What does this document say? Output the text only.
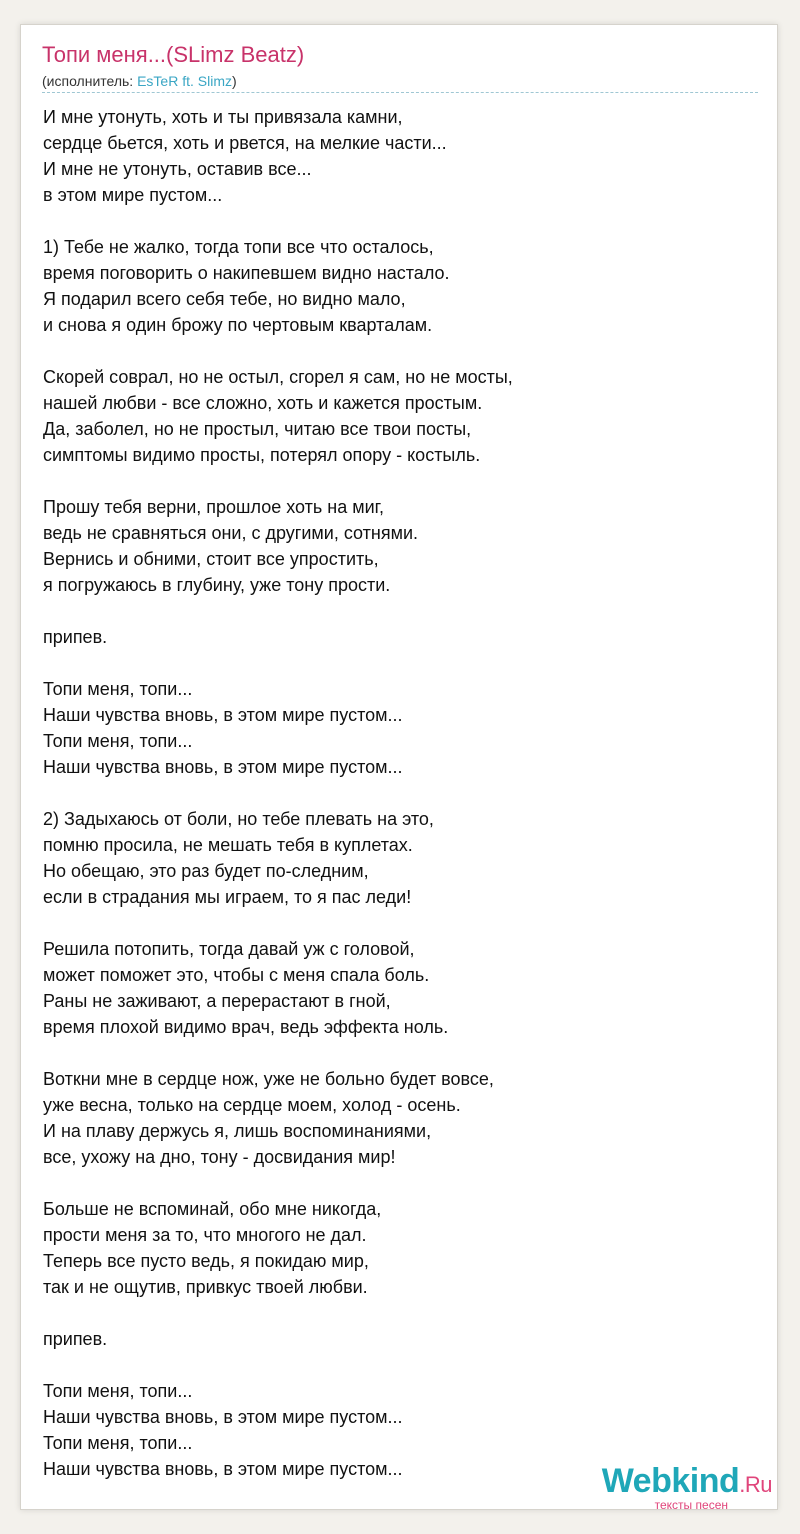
Топи меня...(SLimz Beatz)
(исполнитель: EsTeR ft. Slimz)
И мне утонуть, хоть и ты привязала камни,
сердце бьется, хоть и рвется, на мелкие части...
И мне не утонуть, оставив все...
в этом мире пустом...
1) Тебе не жалко, тогда топи все что осталось,
время поговорить о накипевшем видно настало.
Я подарил всего себя тебе, но видно мало,
и снова я один брожу по чертовым кварталам.
Скорей соврал, но не остыл, сгорел я сам, но не мосты,
нашей любви - все сложно, хоть и кажется простым.
Да, заболел, но не простыл, читаю все твои посты,
симптомы видимо просты, потерял опору - костыль.
Прошу тебя верни, прошлое хоть на миг,
ведь не сравняться они, с другими, сотнями.
Вернись и обними, стоит все упростить,
я погружаюсь в глубину, уже тону прости.
припев.
Топи меня, топи...
Наши чувства вновь, в этом мире пустом...
Топи меня, топи...
Наши чувства вновь, в этом мире пустом...
2) Задыхаюсь от боли, но тебе плевать на это,
помню просила, не мешать тебя в куплетах.
Но обещаю, это раз будет по-следним,
если в страдания мы играем, то я пас леди!
Решила потопить, тогда давай уж с головой,
может поможет это, чтобы с меня спала боль.
Раны не заживают, а перерастают в гной,
время плохой видимо врач, ведь эффекта ноль.
Воткни мне в сердце нож, уже не больно будет вовсе,
уже весна, только на сердце моем, холод - осень.
И на плаву держусь я, лишь воспоминаниями,
все, ухожу на дно, тону - досвидания мир!
Больше не вспоминай, обо мне никогда,
прости меня за то, что многого не дал.
Теперь все пусто ведь, я покидаю мир,
так и не ощутив, привкус твоей любви.
припев.
Топи меня, топи...
Наши чувства вновь, в этом мире пустом...
Топи меня, топи...
Наши чувства вновь, в этом мире пустом...	Webkind.Ru
тексты песен
